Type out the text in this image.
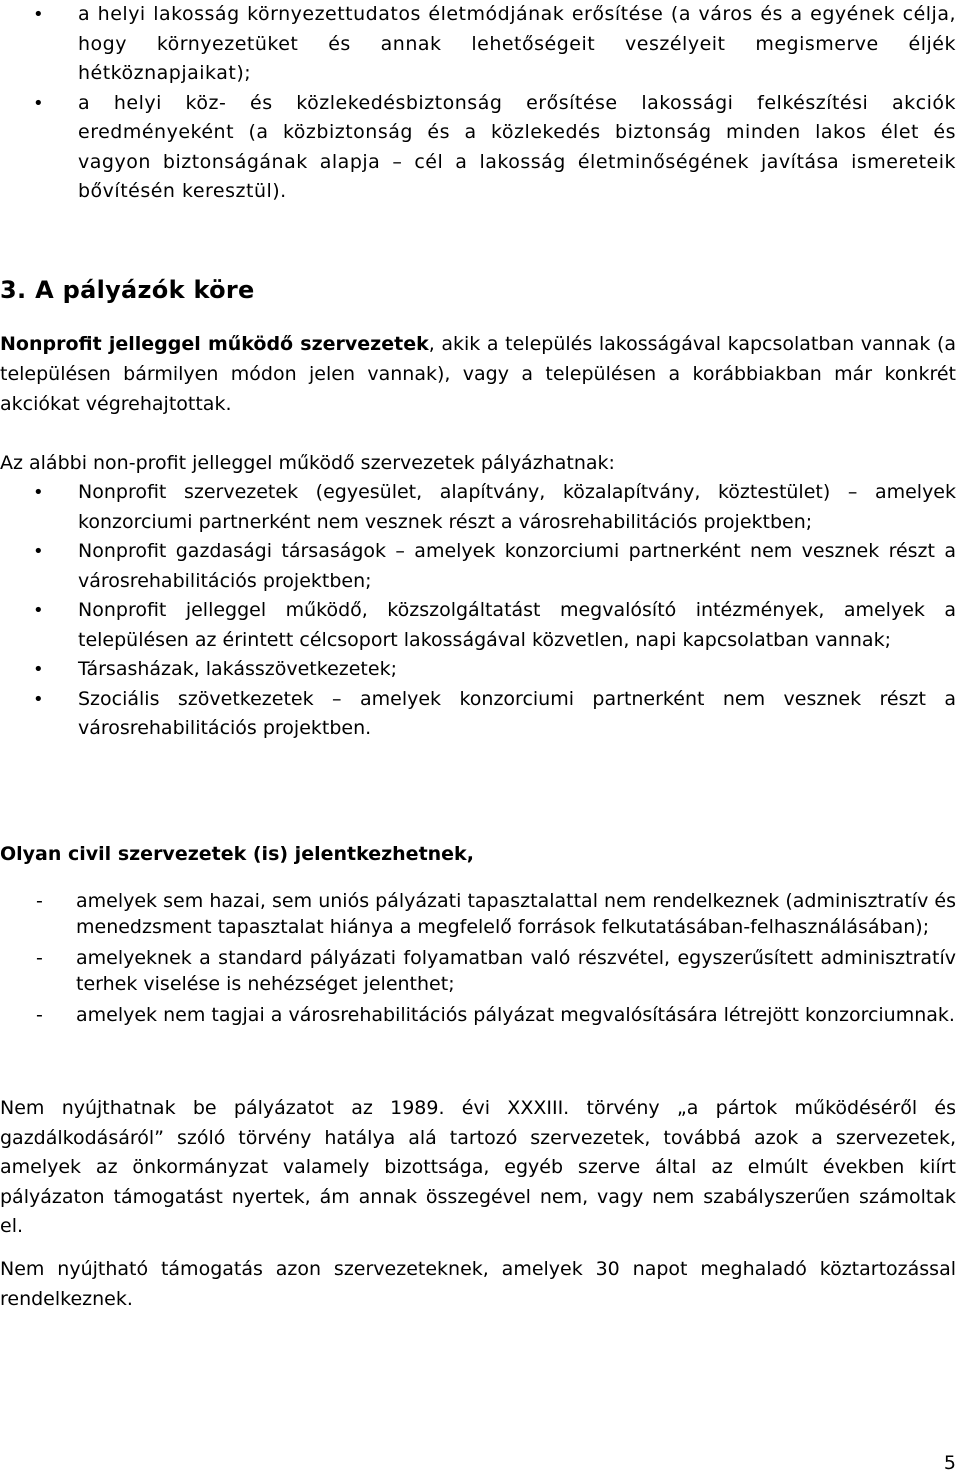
• a helyi lakosság környezettudatos életmódjának erősítése (a város és a egyének célja, hogy környezetüket és annak lehetőségeit veszélyeit megismerve éljék hétköznapjaikat);
• a helyi köz- és közlekedésbiztonság erősítése lakossági felkészítési akciók eredményeként (a közbiztonság és a közlekedés biztonság minden lakos élet és vagyon biztonságának alapja – cél a lakosság életminőségének javítása ismereteik bővítésén keresztül).
3. A pályázók köre
Nonprofit jelleggel működő szervezetek, akik a település lakosságával kapcsolatban vannak (a településen bármilyen módon jelen vannak), vagy a településen a korábbiakban már konkrét akciókat végrehajtottak.
Az alábbi non-profit jelleggel működő szervezetek pályázhatnak:
• Nonprofit szervezetek (egyesület, alapítvány, közalapítvány, köztestület) – amelyek konzorciumi partnerként nem vesznek részt a városrehabilitációs projektben;
• Nonprofit gazdasági társaságok – amelyek konzorciumi partnerként nem vesznek részt a városrehabilitációs projektben;
• Nonprofit jelleggel működő, közszolgáltatást megvalósító intézmények, amelyek a településen az érintett célcsoport lakosságával közvetlen, napi kapcsolatban vannak;
• Társasházak, lakásszövetkezetek;
• Szociális szövetkezetek – amelyek konzorciumi partnerként nem vesznek részt a városrehabilitációs projektben.
Olyan civil szervezetek (is) jelentkezhetnek,
- amelyek sem hazai, sem uniós pályázati tapasztalattal nem rendelkeznek (adminisztratív és menedzsment tapasztalat hiánya a megfelelő források felkutatásában-felhasználásában);
- amelyeknek a standard pályázati folyamatban való részvétel, egyszerűsített adminisztratív terhek viselése is nehézséget jelenthet;
- amelyek nem tagjai a városrehabilitációs pályázat megvalósítására létrejött konzorciumnak.
Nem nyújthatnak be pályázatot az 1989. évi XXXIII. törvény „a pártok működéséről és gazdálkodásáról” szóló törvény hatálya alá tartozó szervezetek, továbbá azok a szervezetek, amelyek az önkormányzat valamely bizottsága, egyéb szerve által az elmúlt években kiírt pályázaton támogatást nyertek, ám annak összegével nem, vagy nem szabályszerűen számoltak el.
Nem nyújtható támogatás azon szervezeteknek, amelyek 30 napot meghaladó köztartozással rendelkeznek.
5
